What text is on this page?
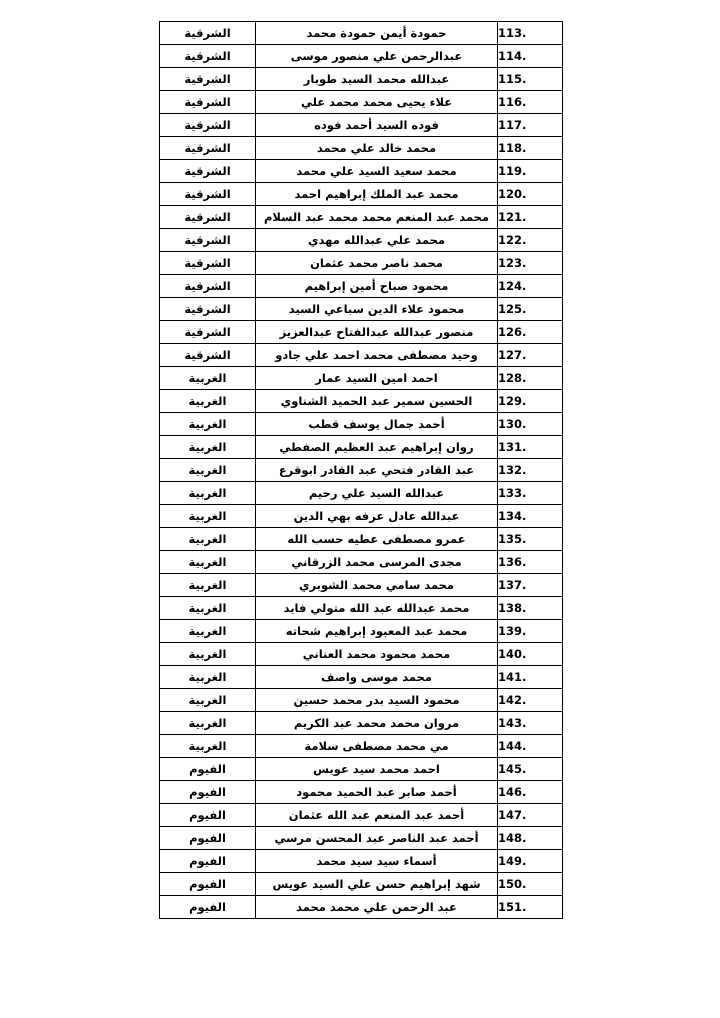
113.	حمودة أيمن حمودة محمد	الشرقية
114.	عبدالرحمن علي منصور موسى	الشرقية
115.	عبدالله محمد السيد طوبار	الشرقية
116.	علاء يحيى محمد محمد علي	الشرقية
117.	فوده السيد أحمد فوده	الشرقية
118.	محمد خالد علي محمد	الشرقية
119.	محمد سعيد السيد علي محمد	الشرقية
120.	محمد عبد الملك إبراهيم احمد	الشرقية
121.	محمد عبد المنعم محمد محمد عبد السلام	الشرقية
122.	محمد علي عبدالله مهدي	الشرقية
123.	محمد ناصر محمد عثمان	الشرقية
124.	محمود صباح أمين إبراهيم	الشرقية
125.	محمود علاء الدين سباعي السيد	الشرقية
126.	منصور عبدالله عبدالفتاح عبدالعزيز	الشرقية
127.	وحيد مصطفى محمد احمد علي جادو	الشرقية
128.	احمد امين السيد عمار	الغربية
129.	الحسين سمير عبد الحميد الشناوي	الغربية
130.	أحمد جمال يوسف قطب	الغربية
131.	روان إبراهيم عبد العظيم الصفطي	الغربية
132.	عبد القادر فتحي عبد القادر ابوقرع	الغربية
133.	عبدالله السيد علي رحيم	الغربية
134.	عبدالله عادل عرفه بهي الدين	الغربية
135.	عمرو مصطفى عطيه حسب الله	الغربية
136.	مجدى المرسى محمد الزرقاني	الغربية
137.	محمد سامي محمد الشوبري	الغربية
138.	محمد عبدالله عبد الله متولي فايد	الغربية
139.	محمد عبد المعبود إبراهيم شحاته	الغربية
140.	محمد محمود محمد العناني	الغربية
141.	محمد موسى واصف	الغربية
142.	محمود السيد بدر محمد حسين	الغربية
143.	مروان محمد محمد عبد الكريم	الغربية
144.	مي محمد مصطفى سلامة	الغربية
145.	احمد محمد سيد عويس	الفيوم
146.	أحمد صابر عبد الحميد محمود	الفيوم
147.	أحمد عبد المنعم عبد الله عثمان	الفيوم
148.	أحمد عبد الناصر عبد المحسن مرسي	الفيوم
149.	أسماء سيد سيد محمد	الفيوم
150.	شهد إبراهيم حسن علي السيد عويس	الفيوم
151.	عبد الرحمن علي محمد محمد	الفيوم
